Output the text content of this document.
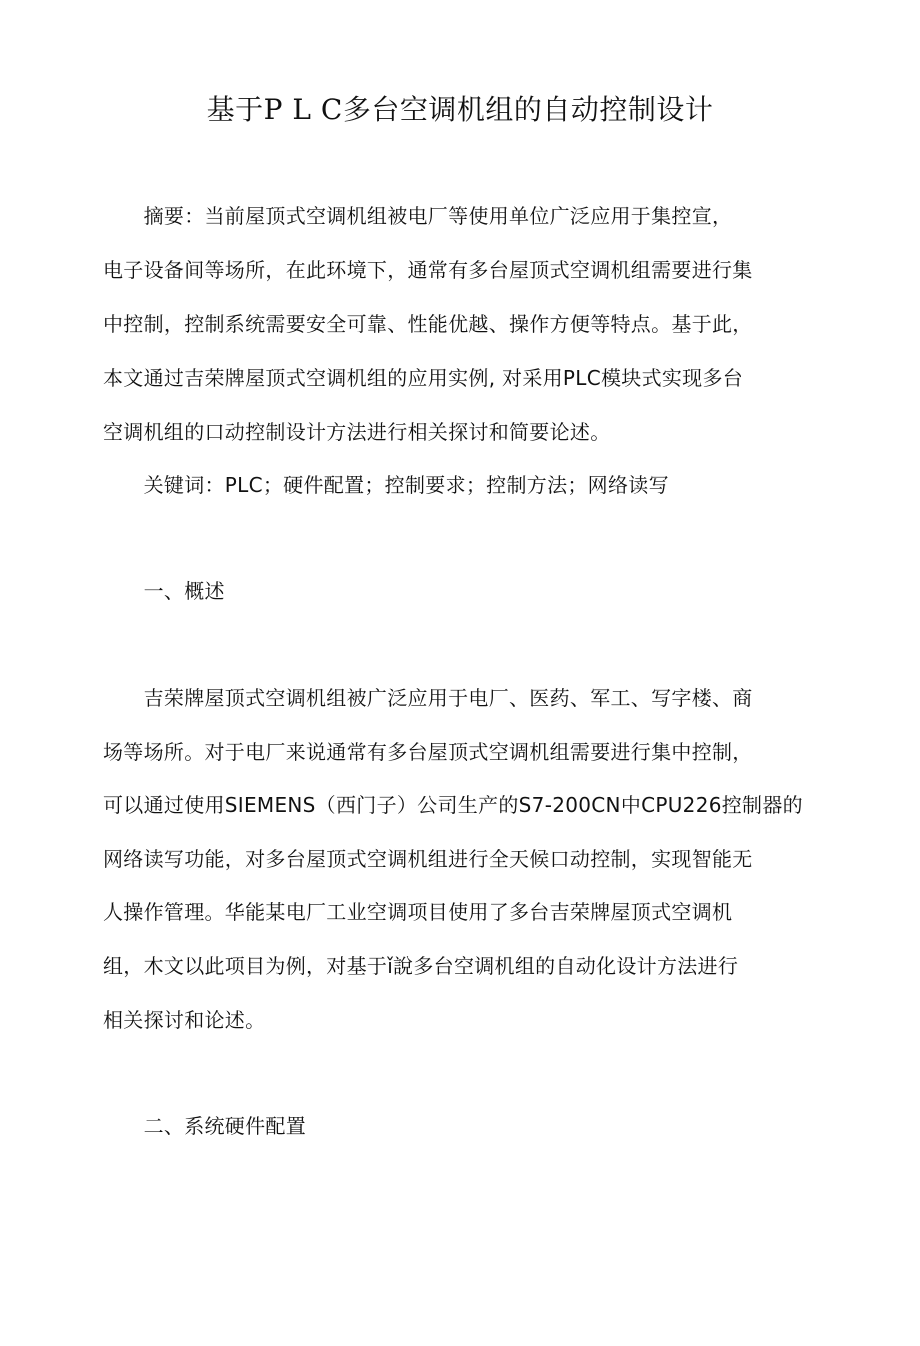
基于P L C多台空调机组的自动控制设计
　　摘要：当前屋顶式空调机组被电厂等使用单位广泛应用于集控宣，
电子设备间等场所，在此环境下，通常有多台屋顶式空调机组需要进行集
中控制，控制系统需要安全可靠、性能优越、操作方便等特点。基于此，
本文通过吉荣牌屋顶式空调机组的应用实例, 对采用PLC模块式实现多台
空调机组的口动控制设计方法进行相关探讨和简要论述。
　　关键词：PLC；硬件配置；控制要求；控制方法；网络读写
　　一、概述
　　吉荣牌屋顶式空调机组被广泛应用于电厂、医药、军工、写字楼、商
场等场所。对于电厂来说通常有多台屋顶式空调机组需要进行集中控制，
可以通过使用SIEMENS（西门子）公司生产的S7-200CN中CPU226控制器的
网络读写功能，对多台屋顶式空调机组进行全天候口动控制，实现智能无
人操作管理。华能某电厂工业空调项目使用了多台吉荣牌屋顶式空调机
组，木文以此项目为例，对基于ǐ說多台空调机组的自动化设计方法进行
相关探讨和论述。
　　二、系统硬件配置
